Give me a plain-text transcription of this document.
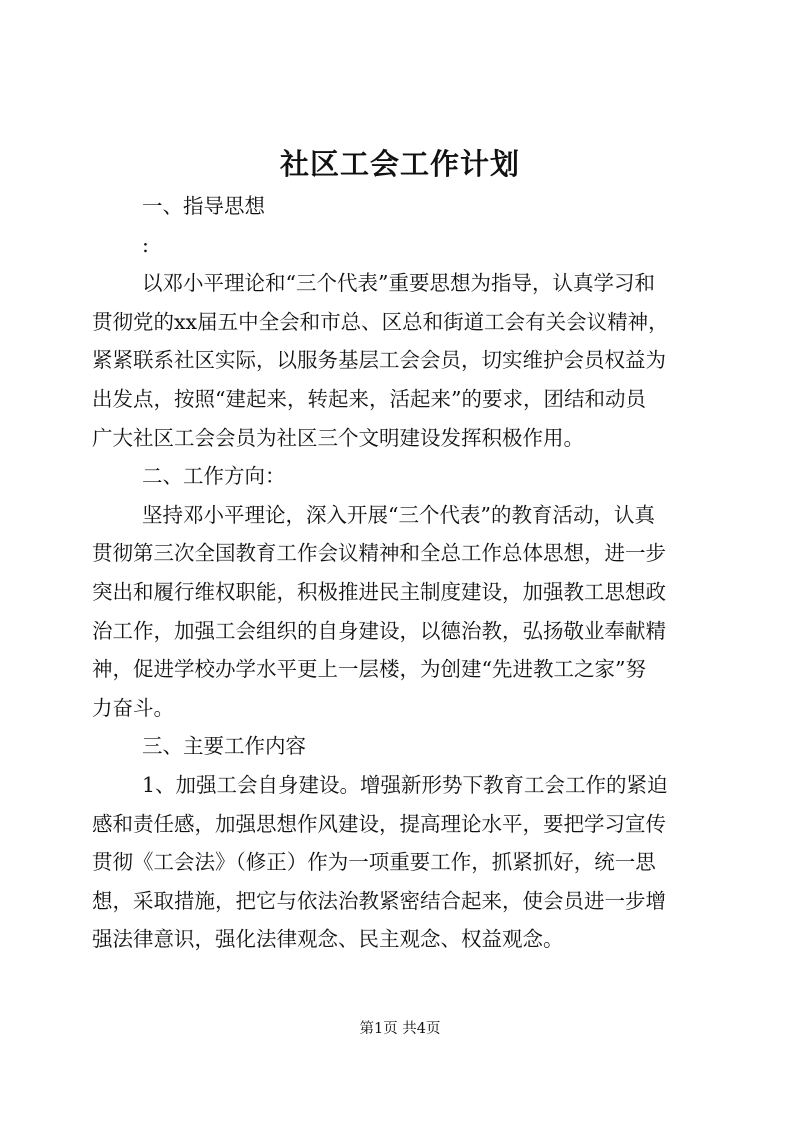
社区工会工作计划

一、指导思想

:

以邓小平理论和“三个代表”重要思想为指导，认真学习和

贯彻党的xx届五中全会和市总、区总和街道工会有关会议精神，

紧紧联系社区实际，以服务基层工会会员，切实维护会员权益为

出发点，按照“建起来，转起来，活起来”的要求，团结和动员

广大社区工会会员为社区三个文明建设发挥积极作用。

二、工作方向：

坚持邓小平理论，深入开展“三个代表”的教育活动，认真

贯彻第三次全国教育工作会议精神和全总工作总体思想，进一步

突出和履行维权职能，积极推进民主制度建设，加强教工思想政

治工作，加强工会组织的自身建设，以德治教，弘扬敬业奉献精

神，促进学校办学水平更上一层楼，为创建“先进教工之家”努

力奋斗。

三、主要工作内容

1、加强工会自身建设。增强新形势下教育工会工作的紧迫

感和责任感，加强思想作风建设，提高理论水平，要把学习宣传

贯彻《工会法》（修正）作为一项重要工作，抓紧抓好，统一思

想，采取措施，把它与依法治教紧密结合起来，使会员进一步增

强法律意识，强化法律观念、民主观念、权益观念。

第1页 共4页
